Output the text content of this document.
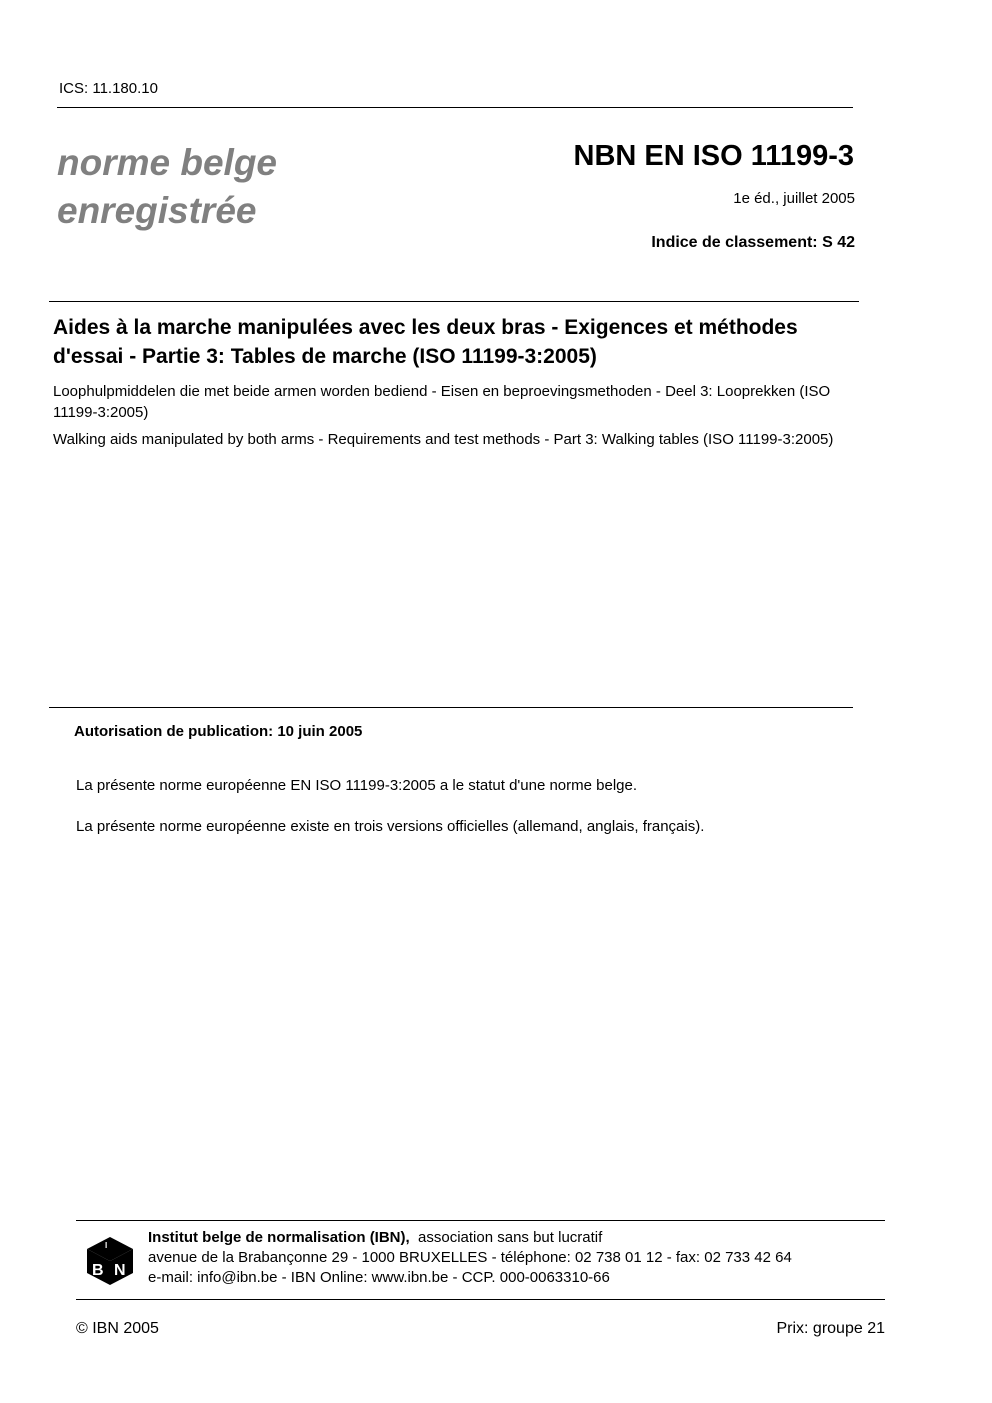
ICS: 11.180.10
norme belge
enregistrée
NBN EN ISO 11199-3
1e éd., juillet 2005
Indice de classement: S 42
Aides à la marche manipulées avec les deux bras - Exigences et méthodes d'essai - Partie 3: Tables de marche (ISO 11199-3:2005)
Loophulpmiddelen die met beide armen worden bediend - Eisen en beproevingsmethoden - Deel 3: Looprekken (ISO 11199-3:2005)
Walking aids manipulated by both arms - Requirements and test methods - Part 3: Walking tables (ISO 11199-3:2005)
Autorisation de publication: 10 juin 2005
La présente norme européenne EN ISO 11199-3:2005 a le statut d'une norme belge.
La présente norme européenne existe en trois versions officielles (allemand, anglais, français).
I
B N
Institut belge de normalisation (IBN), association sans but lucratif
avenue de la Brabançonne 29 - 1000 BRUXELLES - téléphone: 02 738 01 12 - fax: 02 733 42 64
e-mail: info@ibn.be - IBN Online: www.ibn.be - CCP. 000-0063310-66
© IBN 2005	Prix: groupe 21
